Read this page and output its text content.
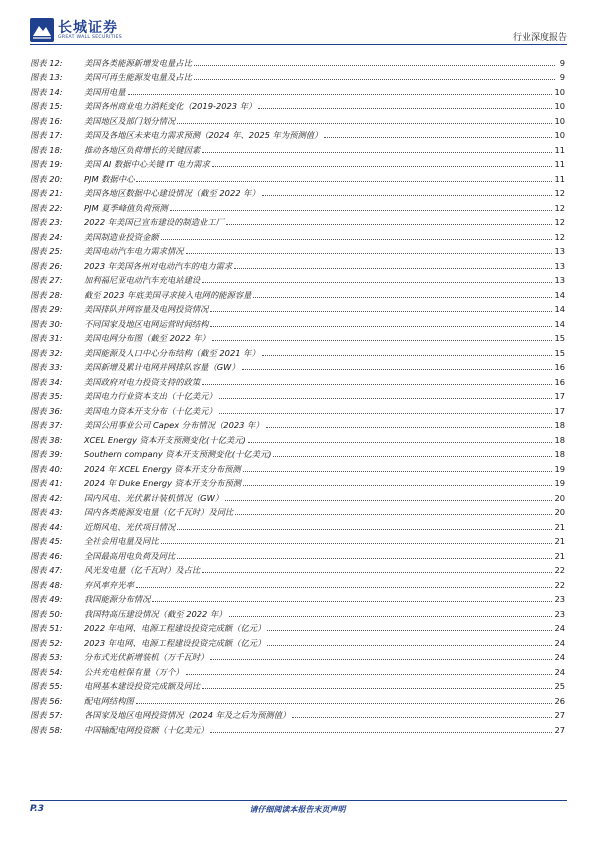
长城证券
GREAT WALL SECURITIES	行业深度报告
图表 12:	美国各类能源新增发电量占比	9
图表 13:	美国可再生能源发电量及占比	9
图表 14:	美国用电量	10
图表 15:	美国各州商业电力消耗变化（2019-2023 年）	10
图表 16:	美国地区及部门划分情况	10
图表 17:	美国及各地区未来电力需求预测（2024 年、2025 年为预测值）	10
图表 18:	推动各地区负荷增长的关键因素	11
图表 19:	美国 AI 数据中心关键 IT 电力需求	11
图表 20:	PJM 数据中心	11
图表 21:	美国各地区数据中心建设情况（截至 2022 年）	12
图表 22:	PJM 夏季峰值负荷预测	12
图表 23:	2022 年美国已宣布建设的制造业工厂	12
图表 24:	美国制造业投资金额	12
图表 25:	美国电动汽车电力需求情况	13
图表 26:	2023 年美国各州对电动汽车的电力需求	13
图表 27:	加利福尼亚电动汽车充电站建设	13
图表 28:	截至 2023 年底美国寻求接入电网的能源容量	14
图表 29:	美国排队并网容量及电网投资情况	14
图表 30:	不同国家及地区电网运营时间结构	14
图表 31:	美国电网分布图（截至 2022 年）	15
图表 32:	美国能源及人口中心分布结构（截至 2021 年）	15
图表 33:	美国新增及累计电网并网排队容量（GW）	16
图表 34:	美国政府对电力投资支持的政策	16
图表 35:	美国电力行业资本支出（十亿美元）	17
图表 36:	美国电力资本开支分布（十亿美元）	17
图表 37:	美国公用事业公司 Capex 分布情况（2023 年）	18
图表 38:	XCEL Energy 资本开支预测变化(十亿美元)	18
图表 39:	Southern company 资本开支预测变化(十亿美元)	18
图表 40:	2024 年 XCEL Energy 资本开支分布预测	19
图表 41:	2024 年 Duke Energy 资本开支分布预测	19
图表 42:	国内风电、光伏累计装机情况（GW）	20
图表 43:	国内各类能源发电量（亿千瓦时）及同比	20
图表 44:	近期风电、光伏项目情况	21
图表 45:	全社会用电量及同比	21
图表 46:	全国最高用电负荷及同比	21
图表 47:	风光发电量（亿千瓦时）及占比	22
图表 48:	弃风率弃光率	22
图表 49:	我国能源分布情况	23
图表 50:	我国特高压建设情况（截至 2022 年）	23
图表 51:	2022 年电网、电源工程建设投资完成额（亿元）	24
图表 52:	2023 年电网、电源工程建设投资完成额（亿元）	24
图表 53:	分布式光伏新增装机（万千瓦时）	24
图表 54:	公共充电桩保有量（万个）	24
图表 55:	电网基本建设投资完成额及同比	25
图表 56:	配电网结构图	26
图表 57:	各国家及地区电网投资情况（2024 年及之后为预测值）	27
图表 58:	中国输配电网投资额（十亿美元）	27
P.3	请仔细阅读本报告末页声明
